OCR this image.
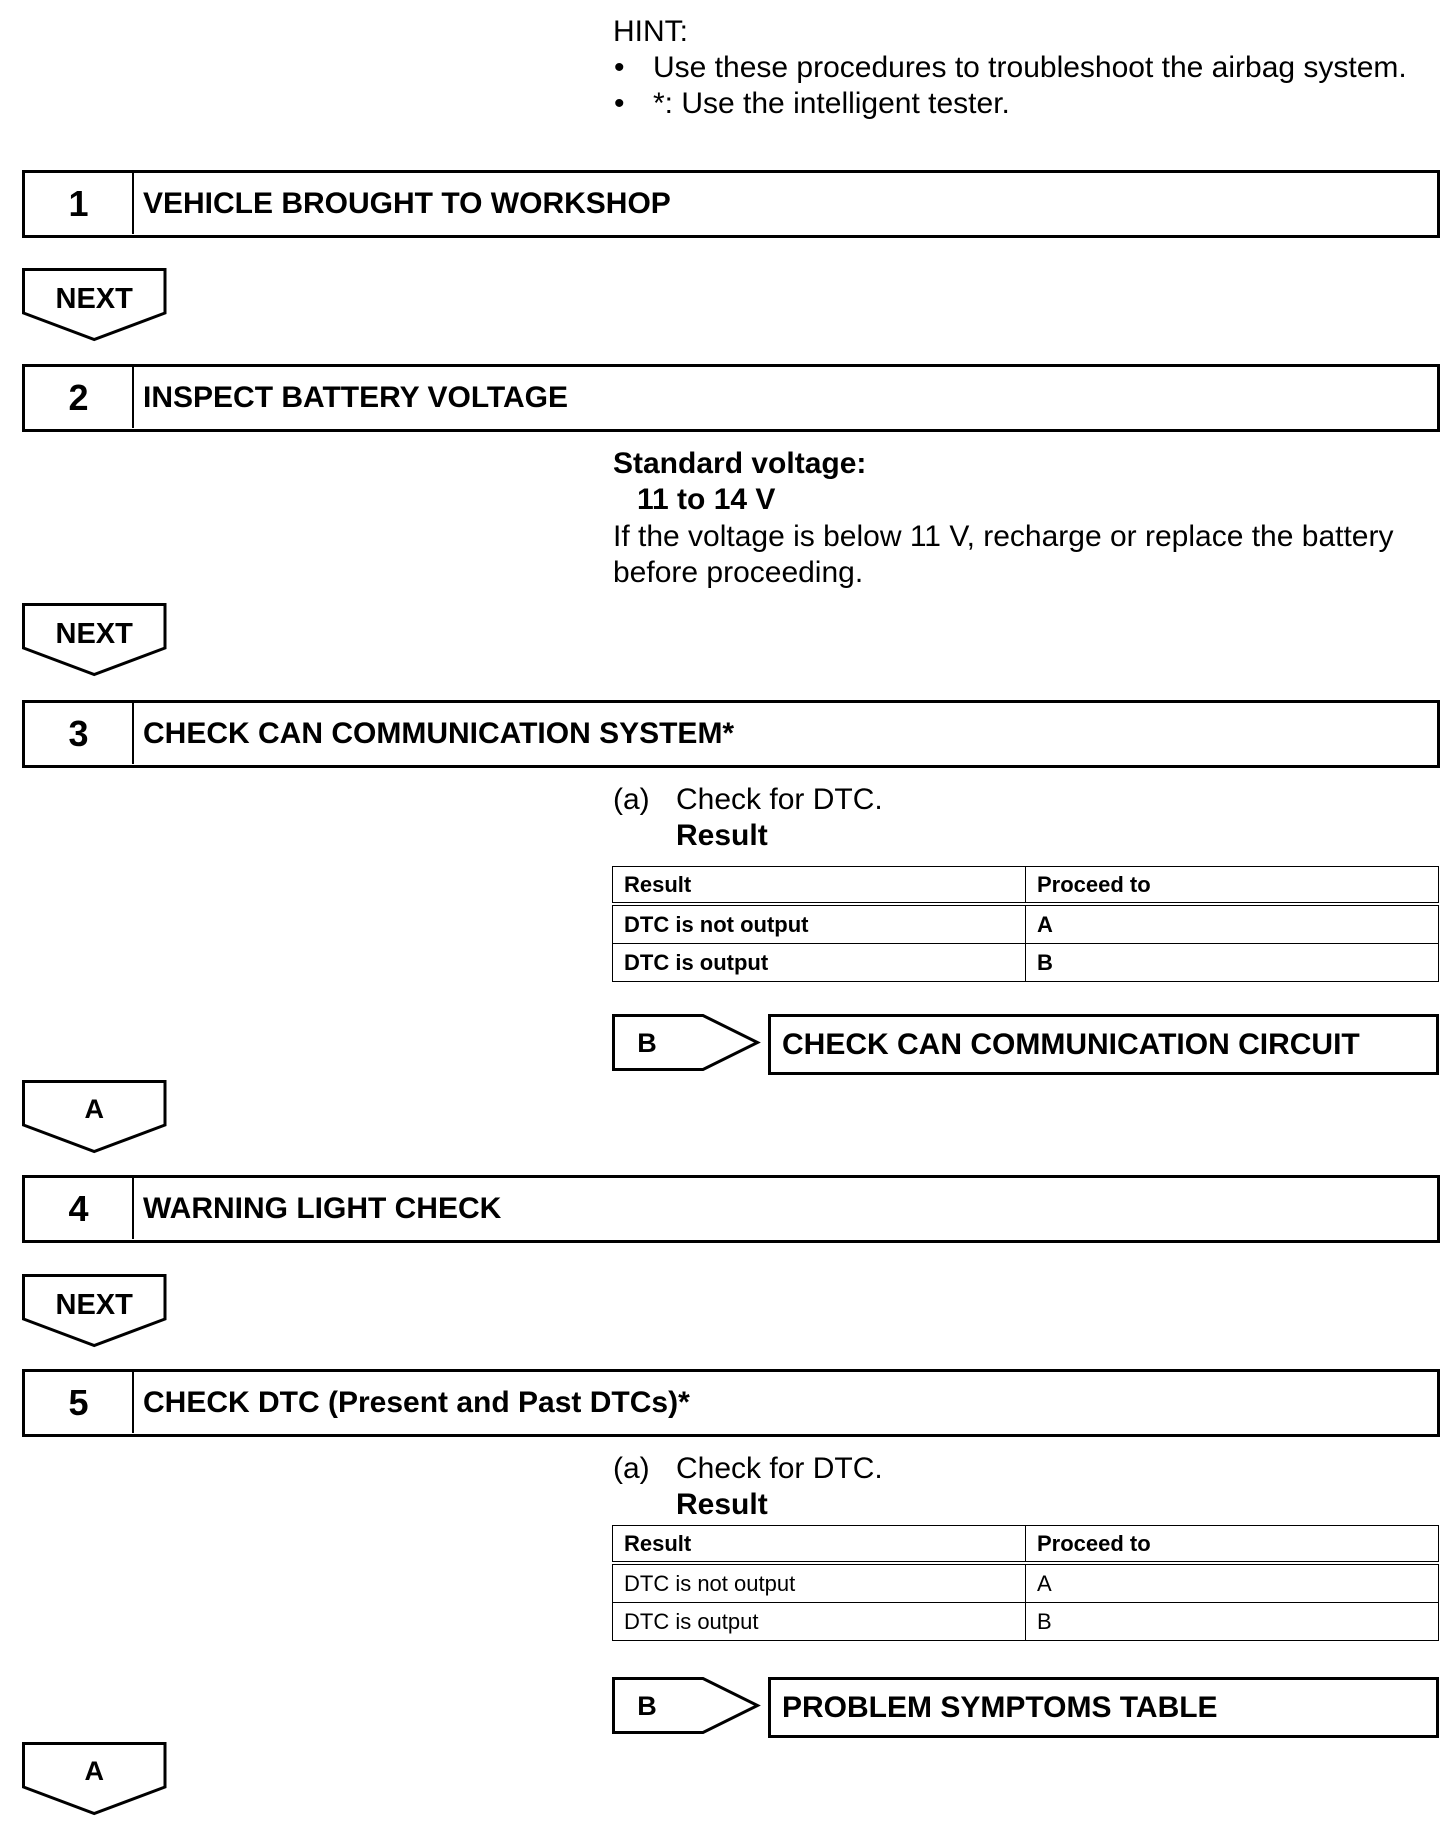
HINT:
• Use these procedures to troubleshoot the airbag system.
• *: Use the intelligent tester.
1	VEHICLE BROUGHT TO WORKSHOP
NEXT
2	INSPECT BATTERY VOLTAGE
Standard voltage:
11 to 14 V
If the voltage is below 11 V, recharge or replace the battery
before proceeding.
NEXT
3	CHECK CAN COMMUNICATION SYSTEM*
(a) Check for DTC.
Result
Result	Proceed to
DTC is not output	A
DTC is output	B
B	CHECK CAN COMMUNICATION CIRCUIT
A
4	WARNING LIGHT CHECK
NEXT
5	CHECK DTC (Present and Past DTCs)*
(a) Check for DTC.
Result
Result	Proceed to
DTC is not output	A
DTC is output	B
B	PROBLEM SYMPTOMS TABLE
A
